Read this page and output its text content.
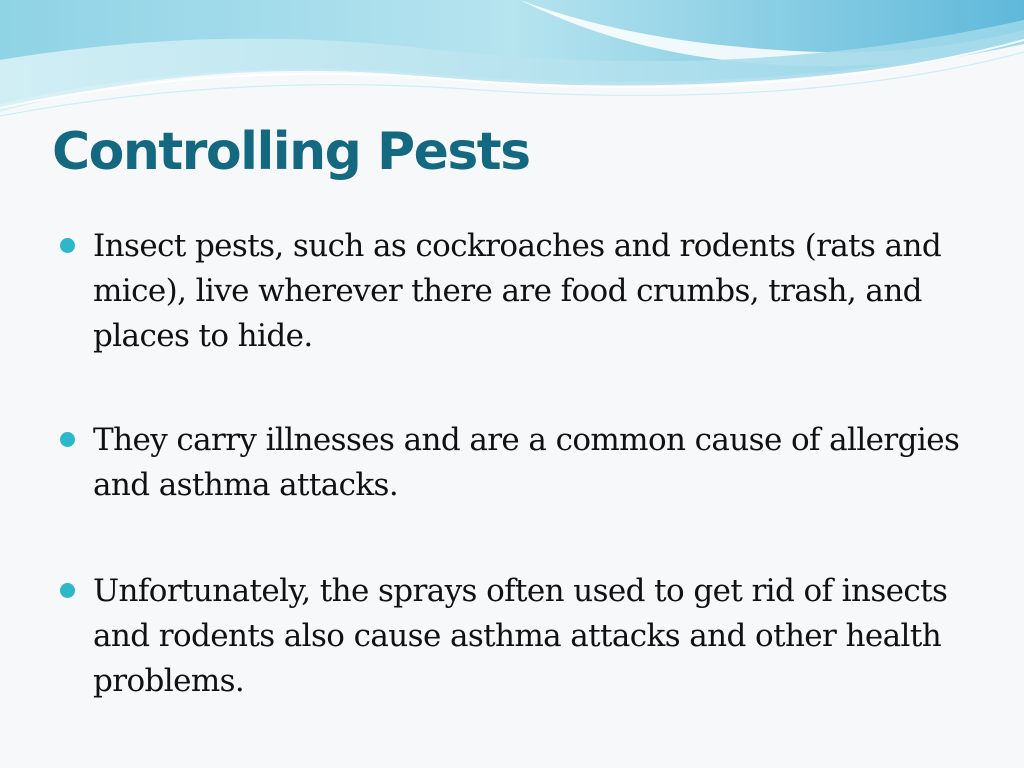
Controlling Pests
Insect pests, such as cockroaches and rodents (rats and mice), live wherever there are food crumbs, trash, and places to hide.
They carry illnesses and are a common cause of allergies and asthma attacks.
Unfortunately, the sprays often used to get rid of insects and rodents also cause asthma attacks and other health problems.
